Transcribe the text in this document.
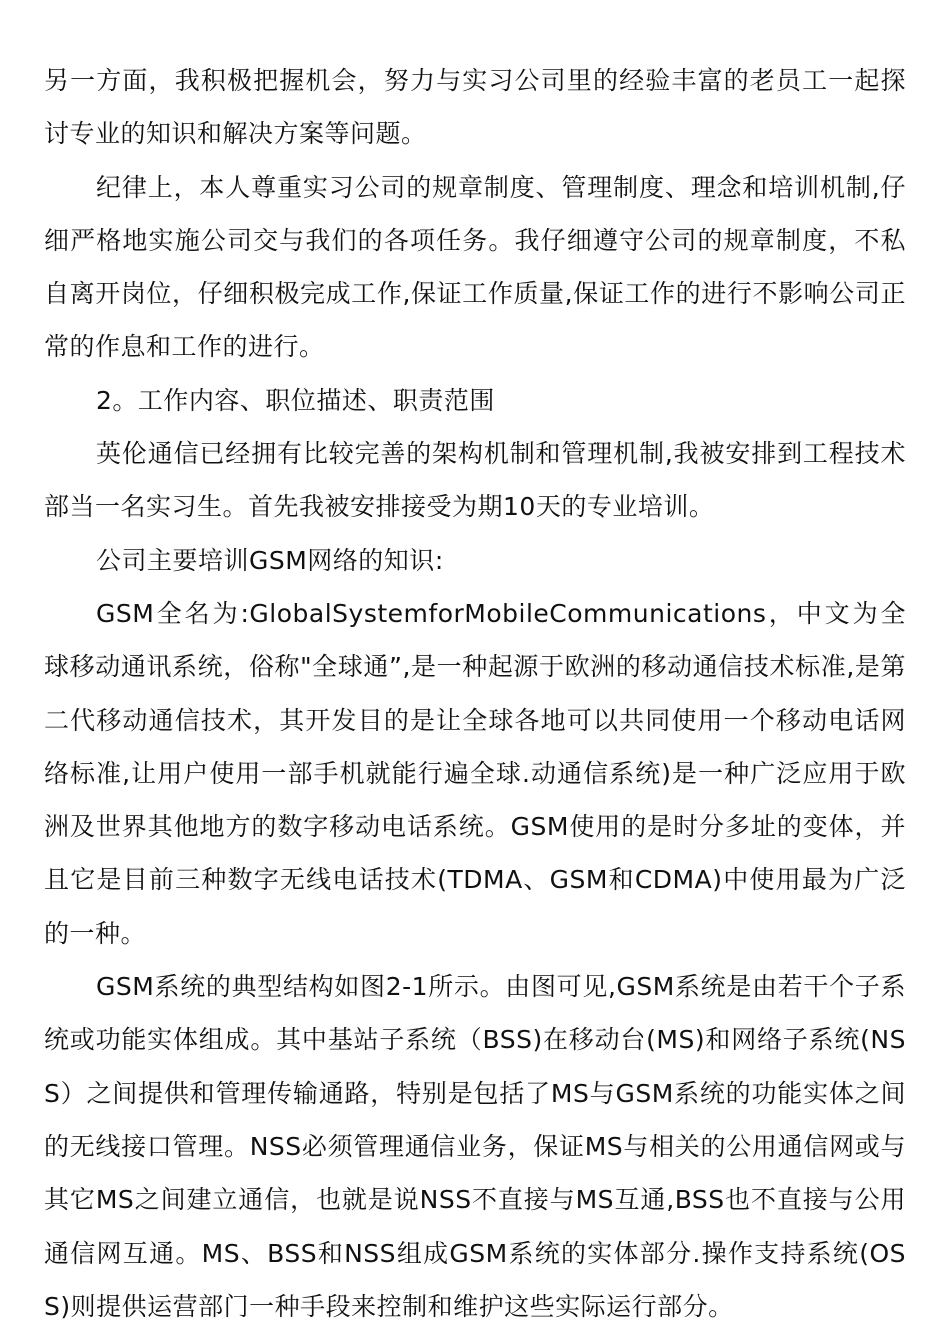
另一方面，我积极把握机会，努力与实习公司里的经验丰富的老员工一起探讨专业的知识和解决方案等问题。

纪律上，本人尊重实习公司的规章制度、管理制度、理念和培训机制,仔细严格地实施公司交与我们的各项任务。我仔细遵守公司的规章制度，不私自离开岗位，仔细积极完成工作,保证工作质量,保证工作的进行不影响公司正常的作息和工作的进行。

2。工作内容、职位描述、职责范围

英伦通信已经拥有比较完善的架构机制和管理机制,我被安排到工程技术部当一名实习生。首先我被安排接受为期10天的专业培训。

公司主要培训GSM网络的知识:

GSM全名为:GlobalSystemforMobileCommunications，中文为全球移动通讯系统，俗称"全球通”,是一种起源于欧洲的移动通信技术标准,是第二代移动通信技术，其开发目的是让全球各地可以共同使用一个移动电话网络标准,让用户使用一部手机就能行遍全球.动通信系统)是一种广泛应用于欧洲及世界其他地方的数字移动电话系统。GSM使用的是时分多址的变体，并且它是目前三种数字无线电话技术(TDMA、GSM和CDMA)中使用最为广泛的一种。

GSM系统的典型结构如图2-1所示。由图可见,GSM系统是由若干个子系统或功能实体组成。其中基站子系统（BSS)在移动台(MS)和网络子系统(NSS）之间提供和管理传输通路，特别是包括了MS与GSM系统的功能实体之间的无线接口管理。NSS必须管理通信业务，保证MS与相关的公用通信网或与其它MS之间建立通信，也就是说NSS不直接与MS互通,BSS也不直接与公用通信网互通。MS、BSS和NSS组成GSM系统的实体部分.操作支持系统(OSS)则提供运营部门一种手段来控制和维护这些实际运行部分。
